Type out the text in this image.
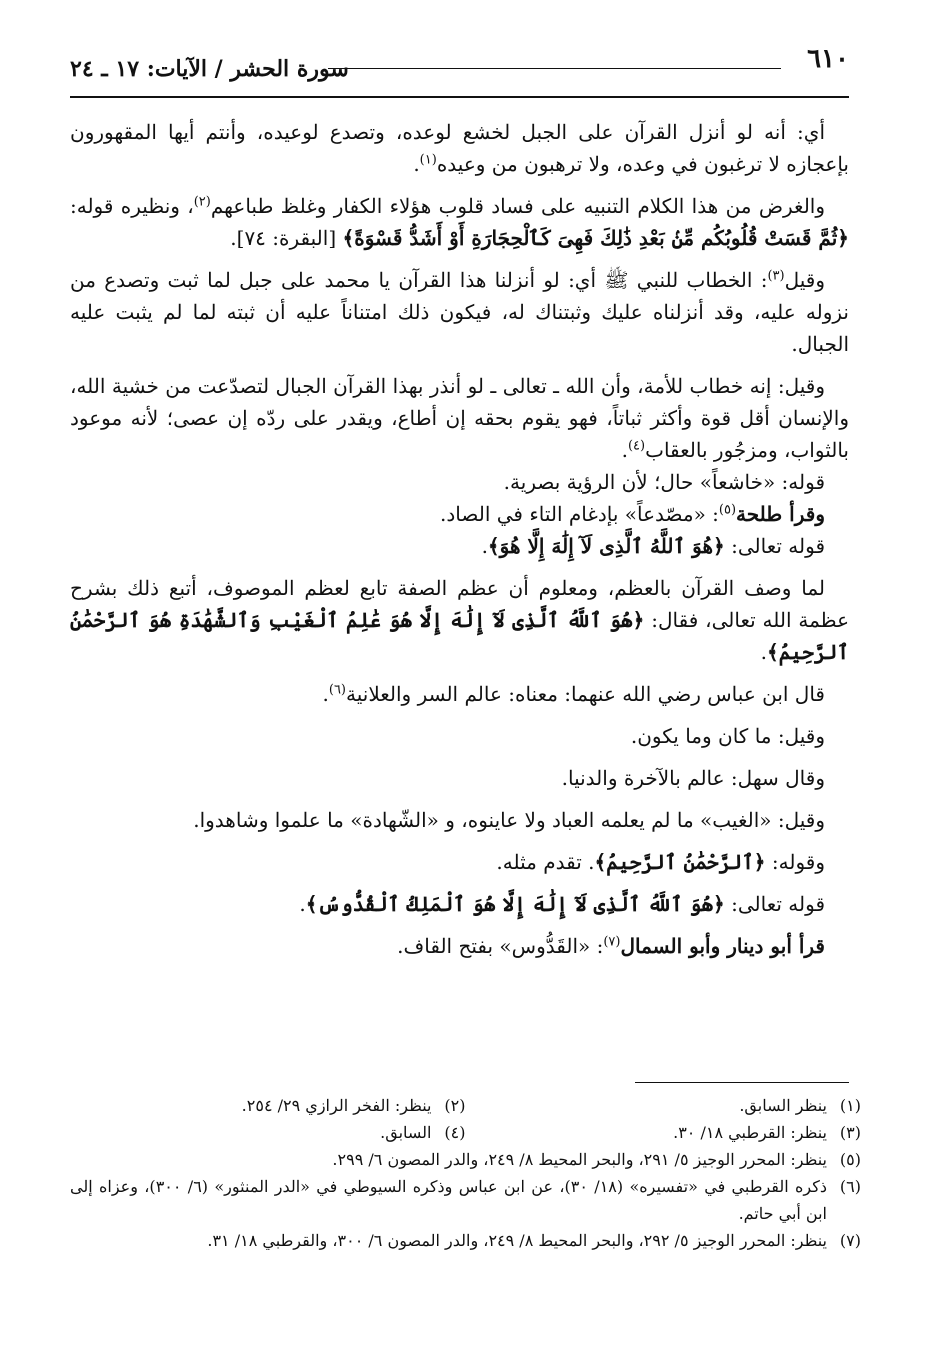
٦١٠
سورة الحشر / الآيات: ١٧ ـ ٢٤

أي: أنه لو أنزل القرآن على الجبل لخشع لوعده، وتصدع لوعيده، وأنتم أيها المقهورون بإعجازه لا ترغبون في وعده، ولا ترهبون من وعيده$^{(١)}$.

والغرض من هذا الكلام التنبيه على فساد قلوب هؤلاء الكفار وغلظ طباعهم$^{(٢)}$، ونظيره قوله: ﴿ثُمَّ قَسَتْ قُلُوبُكُم مِّنۢ بَعْدِ ذَٰلِكَ فَهِىَ كَٱلْحِجَارَةِ أَوْ أَشَدُّ قَسْوَةً﴾ [البقرة: ٧٤].

وقيل$^{(٣)}$: الخطاب للنبي ﷺ أي: لو أنزلنا هذا القرآن يا محمد على جبل لما ثبت وتصدع من نزوله عليه، وقد أنزلناه عليك وثبتناك له، فيكون ذلك امتناناً عليه أن ثبته لما لم يثبت عليه الجبال.

وقيل: إنه خطاب للأمة، وأن الله ـ تعالى ـ لو أنذر بهذا القرآن الجبال لتصدّعت من خشية الله، والإنسان أقل قوة وأكثر ثباتاً، فهو يقوم بحقه إن أطاع، ويقدر على ردّه إن عصى؛ لأنه موعود بالثواب، ومزجُور بالعقاب$^{(٤)}$.

قوله: «خاشعاً» حال؛ لأن الرؤية بصرية.

وقرأ طلحة$^{(٥)}$: «مصّدعاً» بإدغام التاء في الصاد.

قوله تعالى: ﴿هُوَ ٱللَّهُ ٱلَّذِى لَآ إِلَٰهَ إِلَّا هُوَ﴾.

لما وصف القرآن بالعظم، ومعلوم أن عظم الصفة تابع لعظم الموصوف، أتبع ذلك بشرح عظمة الله تعالى، فقال: ﴿هُوَ ٱللَّهُ ٱلَّذِى لَآ إِلَٰهَ إِلَّا هُوَ عَٰلِمُ ٱلْغَيْبِ وَٱلشَّهَٰدَةِ هُوَ ٱلرَّحْمَٰنُ ٱلرَّحِيمُ﴾.

قال ابن عباس رضي الله عنهما: معناه: عالم السر والعلانية$^{(٦)}$.

وقيل: ما كان وما يكون.

وقال سهل: عالم بالآخرة والدنيا.

وقيل: «الغيب» ما لم يعلمه العباد ولا عاينوه، و «الشّهادة» ما علموا وشاهدوا.

وقوله: ﴿ٱلرَّحْمَٰنُ ٱلرَّحِيمُ﴾. تقدم مثله.

قوله تعالى: ﴿هُوَ ٱللَّهُ ٱلَّذِى لَآ إِلَٰهَ إِلَّا هُوَ ٱلْمَلِكُ ٱلْقُدُّوسُ﴾.

قرأ أبو دينار وأبو السمال$^{(٧)}$: «القَدُّوس» بفتح القاف.

(١)
ينظر السابق.
(٢)
ينظر: الفخر الرازي ٢٩/ ٢٥٤.
(٣)
ينظر: القرطبي ١٨/ ٣٠.
(٤)
السابق.
(٥)
ينظر: المحرر الوجيز ٥/ ٢٩١، والبحر المحيط ٨/ ٢٤٩، والدر المصون ٦/ ٢٩٩.
(٦)
ذكره القرطبي في «تفسيره» (١٨/ ٣٠)، عن ابن عباس وذكره السيوطي في «الدر المنثور» (٦/ ٣٠٠)، وعزاه إلى ابن أبي حاتم.
(٧)
ينظر: المحرر الوجيز ٥/ ٢٩٢، والبحر المحيط ٨/ ٢٤٩، والدر المصون ٦/ ٣٠٠، والقرطبي ١٨/ ٣١.
